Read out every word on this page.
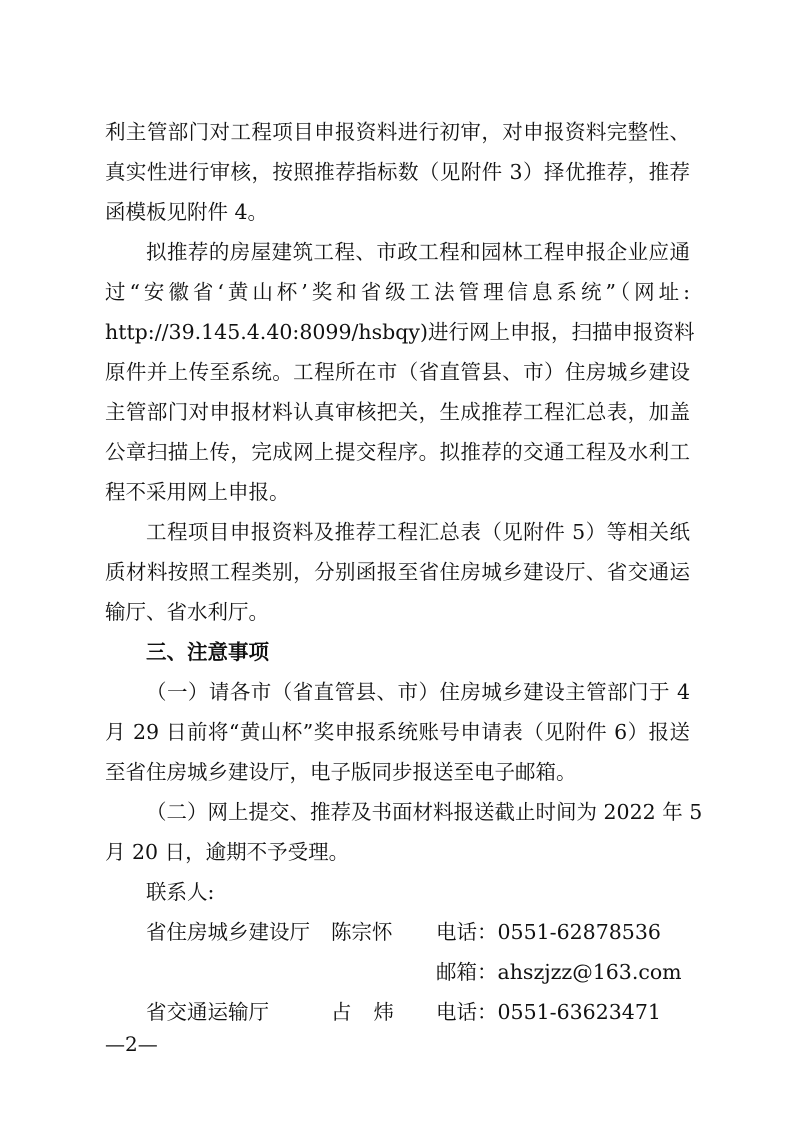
利主管部门对工程项目申报资料进行初审，对申报资料完整性、
真实性进行审核，按照推荐指标数（见附件 3）择优推荐，推荐
函模板见附件 4。
拟推荐的房屋建筑工程、市政工程和园林工程申报企业应通
过“安徽省‘黄山杯’奖和省级工法管理信息系统”（网址:
http://39.145.4.40:8099/hsbqy)进行网上申报，扫描申报资料
原件并上传至系统。工程所在市（省直管县、市）住房城乡建设
主管部门对申报材料认真审核把关，生成推荐工程汇总表，加盖
公章扫描上传，完成网上提交程序。拟推荐的交通工程及水利工
程不采用网上申报。
工程项目申报资料及推荐工程汇总表（见附件 5）等相关纸
质材料按照工程类别，分别函报至省住房城乡建设厅、省交通运
输厅、省水利厅。
三、注意事项
（一）请各市（省直管县、市）住房城乡建设主管部门于 4
月 29 日前将“黄山杯”奖申报系统账号申请表（见附件 6）报送
至省住房城乡建设厅，电子版同步报送至电子邮箱。
（二）网上提交、推荐及书面材料报送截止时间为 2022 年 5
月 20 日，逾期不予受理。
联系人:
省住房城乡建设厅 陈宗怀 电话：0551-62878536
邮箱：ahszjzz@163.com
省交通运输厅	占炜 电话：0551-63623471
—2—
